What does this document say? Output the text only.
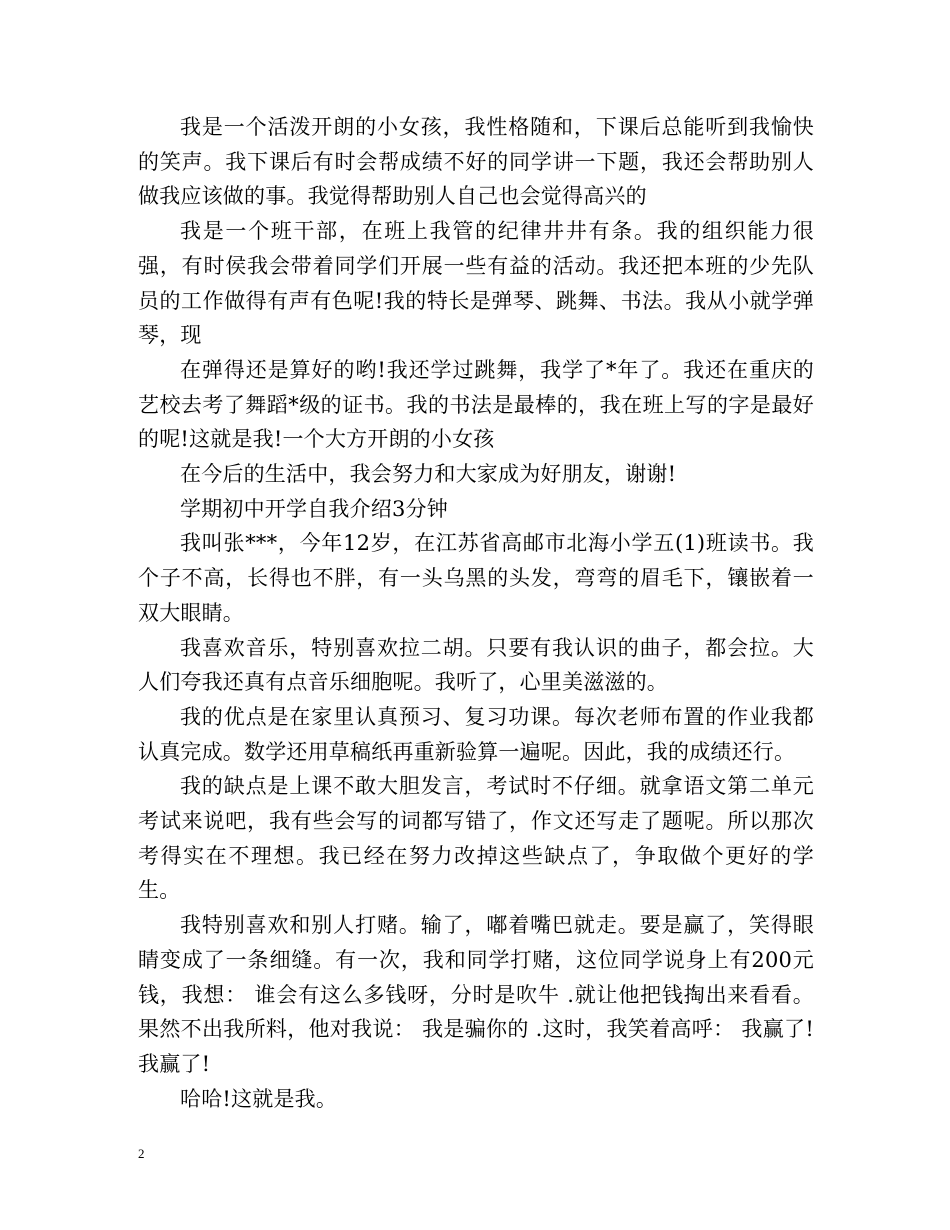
我是一个活泼开朗的小女孩，我性格随和，下课后总能听到我愉快的笑声。我下课后有时会帮成绩不好的同学讲一下题，我还会帮助别人做我应该做的事。我觉得帮助别人自己也会觉得高兴的

我是一个班干部，在班上我管的纪律井井有条。我的组织能力很强，有时侯我会带着同学们开展一些有益的活动。我还把本班的少先队员的工作做得有声有色呢!我的特长是弹琴、跳舞、书法。我从小就学弹琴，现

在弹得还是算好的哟!我还学过跳舞，我学了*年了。我还在重庆的艺校去考了舞蹈*级的证书。我的书法是最棒的，我在班上写的字是最好的呢!这就是我!一个大方开朗的小女孩

在今后的生活中，我会努力和大家成为好朋友，谢谢!

学期初中开学自我介绍3分钟

我叫张***，今年12岁，在江苏省高邮市北海小学五(1)班读书。我个子不高，长得也不胖，有一头乌黑的头发，弯弯的眉毛下，镶嵌着一双大眼睛。

我喜欢音乐，特别喜欢拉二胡。只要有我认识的曲子，都会拉。大人们夸我还真有点音乐细胞呢。我听了，心里美滋滋的。

我的优点是在家里认真预习、复习功课。每次老师布置的作业我都认真完成。数学还用草稿纸再重新验算一遍呢。因此，我的成绩还行。

我的缺点是上课不敢大胆发言，考试时不仔细。就拿语文第二单元考试来说吧，我有些会写的词都写错了，作文还写走了题呢。所以那次考得实在不理想。我已经在努力改掉这些缺点了，争取做个更好的学生。

我特别喜欢和别人打赌。输了，嘟着嘴巴就走。要是赢了，笑得眼睛变成了一条细缝。有一次，我和同学打赌，这位同学说身上有200元钱，我想： 谁会有这么多钱呀，分时是吹牛 .就让他把钱掏出来看看。果然不出我所料，他对我说： 我是骗你的 .这时，我笑着高呼： 我赢了!我赢了!

哈哈!这就是我。

2
